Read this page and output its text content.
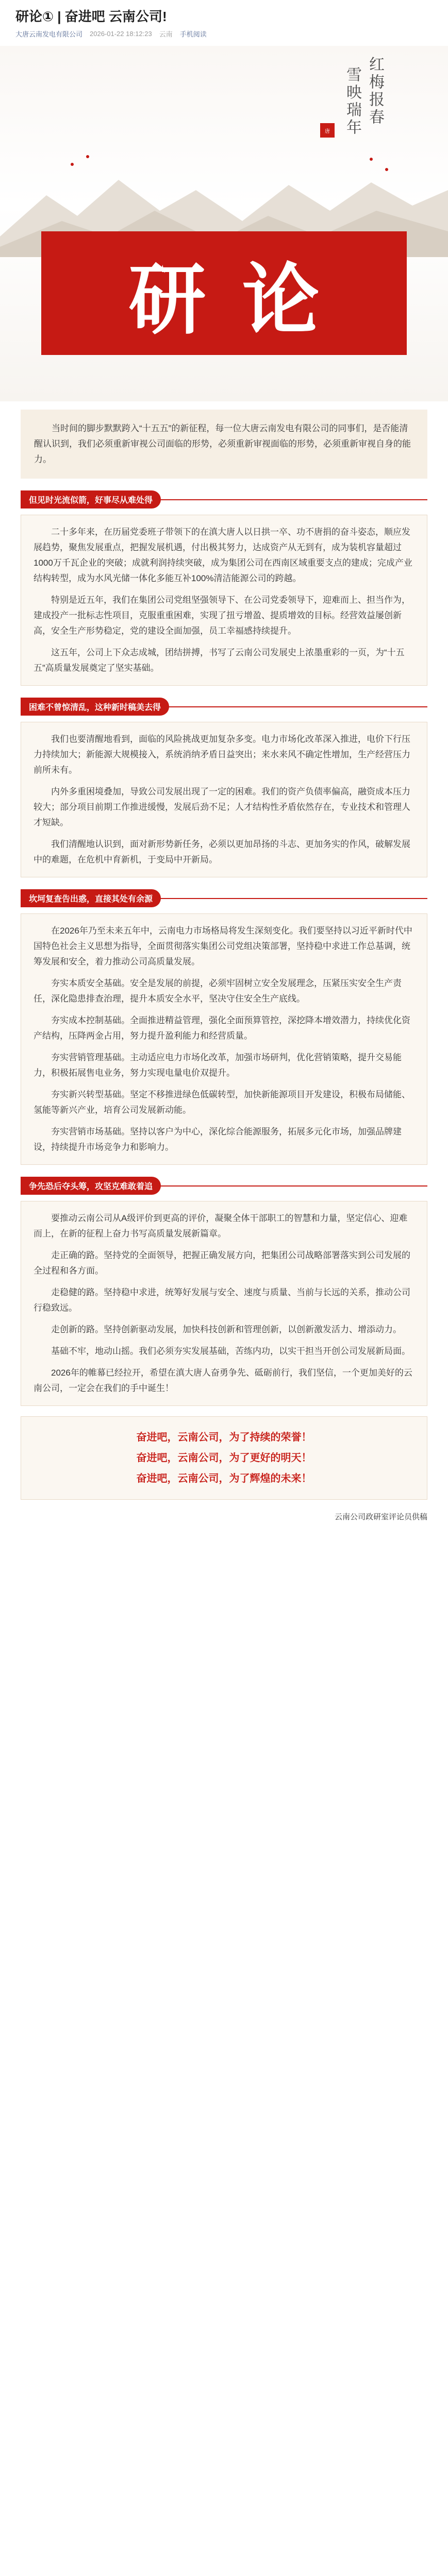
研论① | 奋进吧 云南公司!
大唐云南发电有限公司 2026-01-22 18:12:23 云南 手机阅读
红梅报春
雪映瑞年
唐
研论
当时间的脚步默默跨入“十五五”的新征程，每一位大唐云南发电有限公司的同事们，是否能清醒认识到，我们必须重新审视公司面临的形势，必须重新审视面临的形势，必须重新审视自身的能力。
但见时光流似箭，好事尽从难处得

二十多年来，在历届党委班子带领下的在滇大唐人以日拱一卒、功不唐捐的奋斗姿态，顺应发展趋势，聚焦发展重点，把握发展机遇，付出极其努力，达成资产从无到有，成为装机容量超过1000万千瓦企业的突破；成就利润持续突破，成为集团公司在西南区域重要支点的建成；完成产业结构转型，成为水风光储一体化多能互补100%清洁能源公司的跨越。

特别是近五年，我们在集团公司党组坚强领导下、在公司党委领导下，迎难而上、担当作为，建成投产一批标志性项目，克服重重困难，实现了扭亏增盈、提质增效的目标。经营效益屡创新高，安全生产形势稳定，党的建设全面加强，员工幸福感持续提升。

这五年，公司上下众志成城，团结拼搏，书写了云南公司发展史上浓墨重彩的一页，为“十五五”高质量发展奠定了坚实基础。

困难不曾惊清乱，这种新时稿美去得

我们也要清醒地看到，面临的风险挑战更加复杂多变。电力市场化改革深入推进，电价下行压力持续加大；新能源大规模接入，系统消纳矛盾日益突出；来水来风不确定性增加，生产经营压力前所未有。

内外多重困境叠加，导致公司发展出现了一定的困难。我们的资产负债率偏高，融资成本压力较大；部分项目前期工作推进缓慢，发展后劲不足；人才结构性矛盾依然存在，专业技术和管理人才短缺。

我们清醒地认识到，面对新形势新任务，必须以更加昂扬的斗志、更加务实的作风，破解发展中的难题，在危机中育新机，于变局中开新局。

坎坷复查告出惑，直接其处有余源

在2026年乃至未来五年中，云南电力市场格局将发生深刻变化。我们要坚持以习近平新时代中国特色社会主义思想为指导，全面贯彻落实集团公司党组决策部署，坚持稳中求进工作总基调，统筹发展和安全，着力推动公司高质量发展。

夯实本质安全基础。安全是发展的前提，必须牢固树立安全发展理念，压紧压实安全生产责任，深化隐患排查治理，提升本质安全水平，坚决守住安全生产底线。

夯实成本控制基础。全面推进精益管理，强化全面预算管控，深挖降本增效潜力，持续优化资产结构，压降两金占用，努力提升盈利能力和经营质量。

夯实营销管理基础。主动适应电力市场化改革，加强市场研判，优化营销策略，提升交易能力，积极拓展售电业务，努力实现电量电价双提升。

夯实新兴转型基础。坚定不移推进绿色低碳转型，加快新能源项目开发建设，积极布局储能、氢能等新兴产业，培育公司发展新动能。

夯实营销市场基础。坚持以客户为中心，深化综合能源服务，拓展多元化市场，加强品牌建设，持续提升市场竞争力和影响力。

争先恐后夺头筹，攻坚克难敢着追

要推动云南公司从A级评价到更高的评价，凝聚全体干部职工的智慧和力量，坚定信心、迎难而上，在新的征程上奋力书写高质量发展新篇章。

走正确的路。坚持党的全面领导，把握正确发展方向，把集团公司战略部署落实到公司发展的全过程和各方面。

走稳健的路。坚持稳中求进，统筹好发展与安全、速度与质量、当前与长远的关系，推动公司行稳致远。

走创新的路。坚持创新驱动发展，加快科技创新和管理创新，以创新激发活力、增添动力。

基础不牢，地动山摇。我们必须夯实发展基础，苦练内功，以实干担当开创公司发展新局面。

2026年的帷幕已经拉开，希望在滇大唐人奋勇争先、砥砺前行，我们坚信，一个更加美好的云南公司，一定会在我们的手中诞生！

奋进吧，云南公司，为了持续的荣誉！
奋进吧，云南公司，为了更好的明天！
奋进吧，云南公司，为了辉煌的未来！
云南公司政研室评论员供稿
